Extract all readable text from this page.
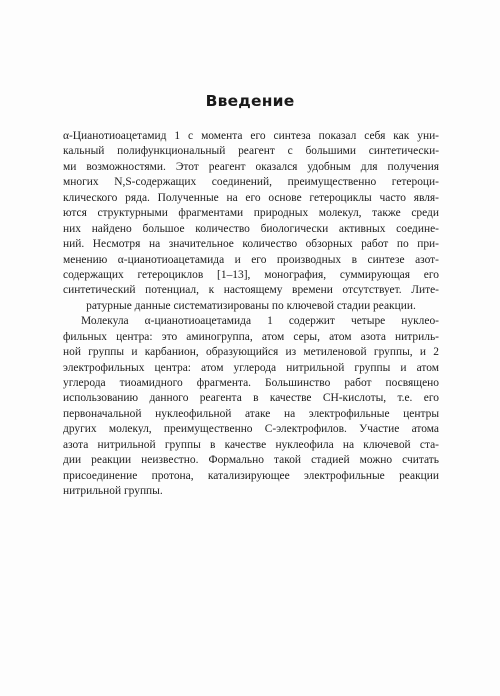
Введение
α-Цианотиоацетамид 1 с момента его синтеза показал себя как уни-
кальный полифункциональный реагент с большими синтетически-
ми возможностями. Этот реагент оказался удобным для получения
многих N,S-содержащих соединений, преимущественно гетероци-
клического ряда. Полученные на его основе гетероциклы часто явля-
ются структурными фрагментами природных молекул, также среди
них найдено большое количество биологически активных соедине-
ний. Несмотря на значительное количество обзорных работ по при-
менению α-цианотиоацетамида и его производных в синтезе азот-
содержащих гетероциклов [1–13], монография, суммирующая его
синтетический потенциал, к настоящему времени отсутствует. Лите-
ратурные данные систематизированы по ключевой стадии реакции.
Молекула α-цианотиоацетамида 1 содержит четыре нуклео-
фильных центра: это аминогруппа, атом серы, атом азота нитриль-
ной группы и карбанион, образующийся из метиленовой группы, и 2
электрофильных центра: атом углерода нитрильной группы и атом
углерода тиоамидного фрагмента. Большинство работ посвящено
использованию данного реагента в качестве CH-кислоты, т.е. его
первоначальной нуклеофильной атаке на электрофильные центры
других молекул, преимущественно C-электрофилов. Участие атома
азота нитрильной группы в качестве нуклеофила на ключевой ста-
дии реакции неизвестно. Формально такой стадией можно считать
присоединение протона, катализирующее электрофильные реакции
нитрильной группы.
